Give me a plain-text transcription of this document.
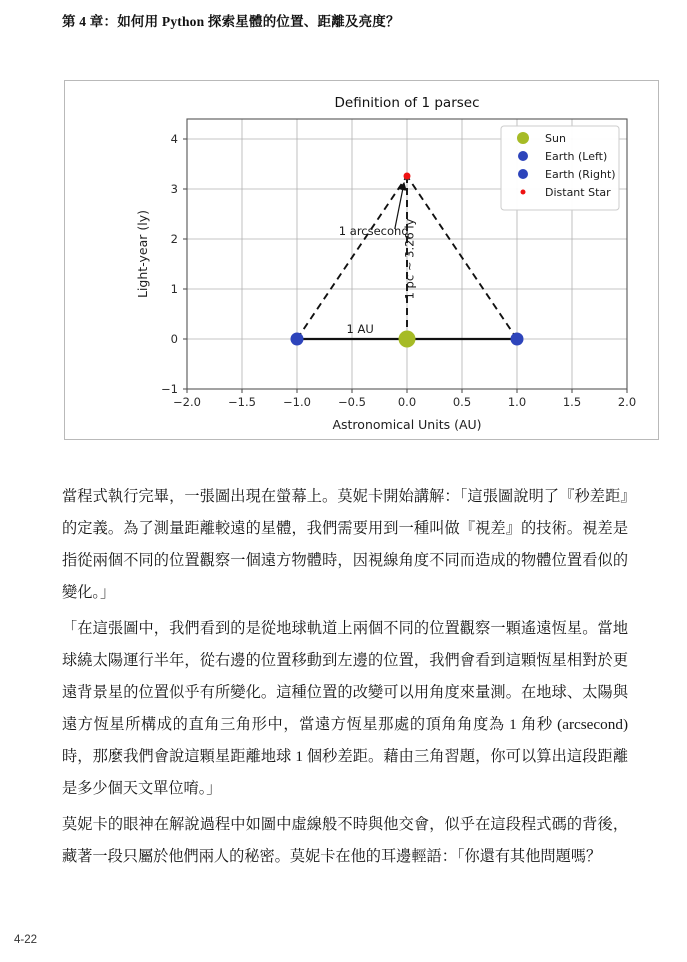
第 4 章：如何用 Python 探索星體的位置、距離及亮度？
−2.0 −1.5 −1.0 −0.5	0.0	0.5	1.0	1.5	2.0
−1
0
1
2
3
4
Astronomical Units (AU)
Light-year (ly)
Definition of 1 parsec
1 arcsecond
1 AU
1 pc ~ 3.26 ly
Sun
Earth (Left)
Earth (Right)
Distant Star

當程式執行完畢，一張圖出現在螢幕上。莫妮卡開始講解：「這張圖說明了『秒差距』的定義。為了測量距離較遠的星體，我們需要用到一種叫做『視差』的技術。視差是指從兩個不同的位置觀察一個遠方物體時，因視線角度不同而造成的物體位置看似的變化。」

「在這張圖中，我們看到的是從地球軌道上兩個不同的位置觀察一顆遙遠恆星。當地球繞太陽運行半年，從右邊的位置移動到左邊的位置，我們會看到這顆恆星相對於更遠背景星的位置似乎有所變化。這種位置的改變可以用角度來量測。在地球、太陽與遠方恆星所構成的直角三角形中，當遠方恆星那處的頂角角度為 1 角秒 (arcsecond) 時，那麼我們會說這顆星距離地球 1 個秒差距。藉由三角習題，你可以算出這段距離是多少個天文單位唷。」

莫妮卡的眼神在解說過程中如圖中虛線般不時與他交會，似乎在這段程式碼的背後，藏著一段只屬於他們兩人的秘密。莫妮卡在他的耳邊輕語：「你還有其他問題嗎？

4-22
